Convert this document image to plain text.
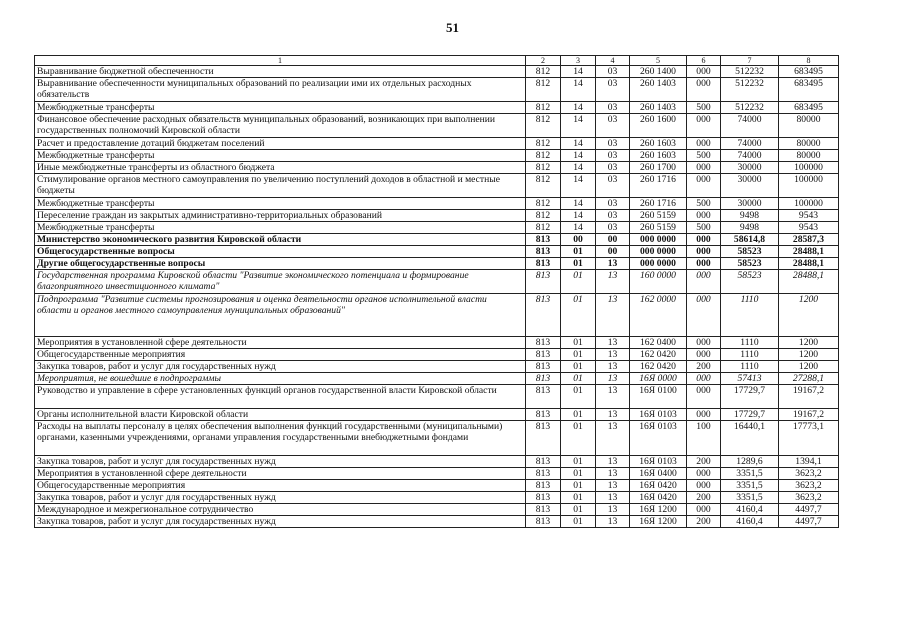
51
1	2	3	4	5	6	7	8
Выравнивание бюджетной обеспеченности	812	14	03	260 1400	000	512232	683495
Выравнивание обеспеченности муниципальных образований по реализации ими их отдельных расходных обязательств	812	14	03	260 1403	000	512232	683495
Межбюджетные трансферты	812	14	03	260 1403	500	512232	683495
Финансовое обеспечение расходных обязательств муниципальных образований, возникающих при выполнении государственных полномочий Кировской области	812	14	03	260 1600	000	74000	80000
Расчет и предоставление дотаций бюджетам поселений	812	14	03	260 1603	000	74000	80000
Межбюджетные трансферты	812	14	03	260 1603	500	74000	80000
Иные межбюджетные трансферты из областного бюджета	812	14	03	260 1700	000	30000	100000
Стимулирование органов местного самоуправления по увеличению поступлений доходов в областной и местные бюджеты	812	14	03	260 1716	000	30000	100000
Межбюджетные трансферты	812	14	03	260 1716	500	30000	100000
Переселение граждан из закрытых административно-территориальных образований	812	14	03	260 5159	000	9498	9543
Межбюджетные трансферты	812	14	03	260 5159	500	9498	9543
Министерство экономического развития Кировской области	813	00	00	000 0000	000	58614,8	28587,3
Общегосударственные вопросы	813	01	00	000 0000	000	58523	28488,1
Другие общегосударственные вопросы	813	01	13	000 0000	000	58523	28488,1
Государственная программа Кировской области "Развитие экономического потенциала и формирование благоприятного инвестиционного климата"	813	01	13	160 0000	000	58523	28488,1
Подпрограмма "Развитие системы прогнозирования и оценка деятельности органов исполнительной власти области и органов местного самоуправления муниципальных образований"	813	01	13	162 0000	000	1110	1200
Мероприятия в установленной сфере деятельности	813	01	13	162 0400	000	1110	1200
Общегосударственные мероприятия	813	01	13	162 0420	000	1110	1200
Закупка товаров, работ и услуг для государственных нужд	813	01	13	162 0420	200	1110	1200
Мероприятия, не вошедшие в подпрограммы	813	01	13	16Я 0000	000	57413	27288,1
Руководство и управление в сфере установленных функций органов государственной власти Кировской области	813	01	13	16Я 0100	000	17729,7	19167,2
Органы исполнительной власти Кировской области	813	01	13	16Я 0103	000	17729,7	19167,2
Расходы на выплаты персоналу в целях обеспечения выполнения функций государственными (муниципальными) органами, казенными учреждениями, органами управления государственными внебюджетными фондами	813	01	13	16Я 0103	100	16440,1	17773,1
Закупка товаров, работ и услуг для государственных нужд	813	01	13	16Я 0103	200	1289,6	1394,1
Мероприятия в установленной сфере деятельности	813	01	13	16Я 0400	000	3351,5	3623,2
Общегосударственные мероприятия	813	01	13	16Я 0420	000	3351,5	3623,2
Закупка товаров, работ и услуг для государственных нужд	813	01	13	16Я 0420	200	3351,5	3623,2
Международное и межрегиональное сотрудничество	813	01	13	16Я 1200	000	4160,4	4497,7
Закупка товаров, работ и услуг для государственных нужд	813	01	13	16Я 1200	200	4160,4	4497,7
